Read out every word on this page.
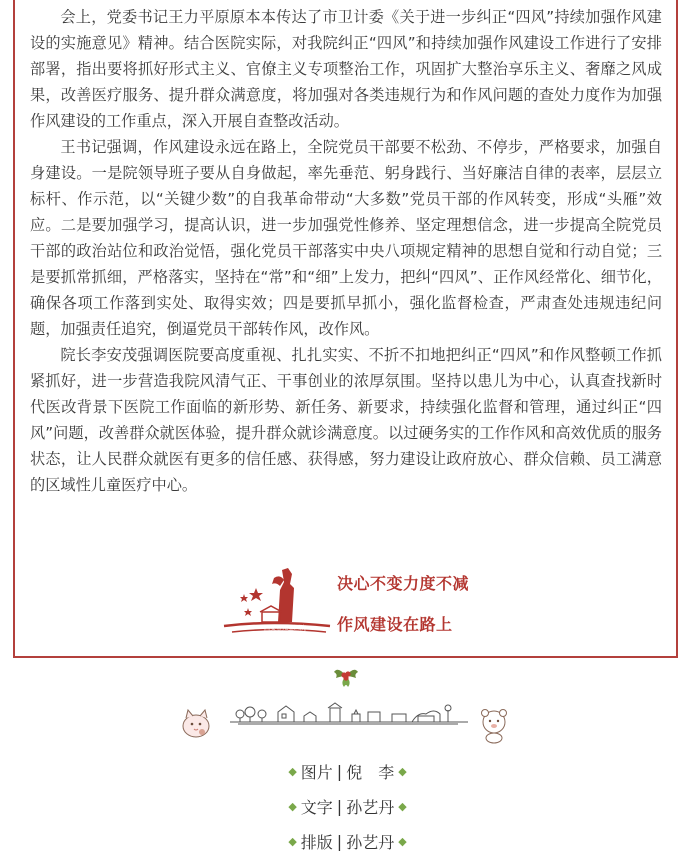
会上，党委书记王力平原原本本传达了市卫计委《关于进一步纠正“四风”持续加强作风建设的实施意见》精神。结合医院实际，对我院纠正“四风”和持续加强作风建设工作进行了安排部署，指出要将抓好形式主义、官僚主义专项整治工作，巩固扩大整治享乐主义、奢靡之风成果，改善医疗服务、提升群众满意度，将加强对各类违规行为和作风问题的查处力度作为加强作风建设的工作重点，深入开展自查整改活动。

王书记强调，作风建设永远在路上，全院党员干部要不松劲、不停步，严格要求，加强自身建设。一是院领导班子要从自身做起，率先垂范、躬身践行、当好廉洁自律的表率，层层立标杆、作示范，以“关键少数”的自我革命带动“大多数”党员干部的作风转变，形成“头雁”效应。二是要加强学习，提高认识，进一步加强党性修养、坚定理想信念，进一步提高全院党员干部的政治站位和政治觉悟，强化党员干部落实中央八项规定精神的思想自觉和行动自觉；三是要抓常抓细，严格落实，坚持在“常”和“细”上发力，把纠“四风”、正作风经常化、细节化，确保各项工作落到实处、取得实效；四是要抓早抓小，强化监督检查，严肃查处违规违纪问题，加强责任追究，倒逼党员干部转作风，改作风。

院长李安茂强调医院要高度重视、扎扎实实、不折不扣地把纠正“四风”和作风整顿工作抓紧抓好，进一步营造我院风清气正、干事创业的浓厚氛围。坚持以患儿为中心，认真查找新时代医改背景下医院工作面临的新形势、新任务、新要求，持续强化监督和管理，通过纠正“四风”问题，改善群众就医体验，提升群众就诊满意度。以过硬务实的工作作风和高效优质的服务状态，让人民群众就医有更多的信任感、获得感，努力建设让政府放心、群众信赖、员工满意的区域性儿童医疗中心。

西安市儿童医院
决心不变力度不减
作风建设在路上
◆ 图片 | 倪　李 ◆
◆ 文字 | 孙艺丹 ◆
◆ 排版 | 孙艺丹 ◆
